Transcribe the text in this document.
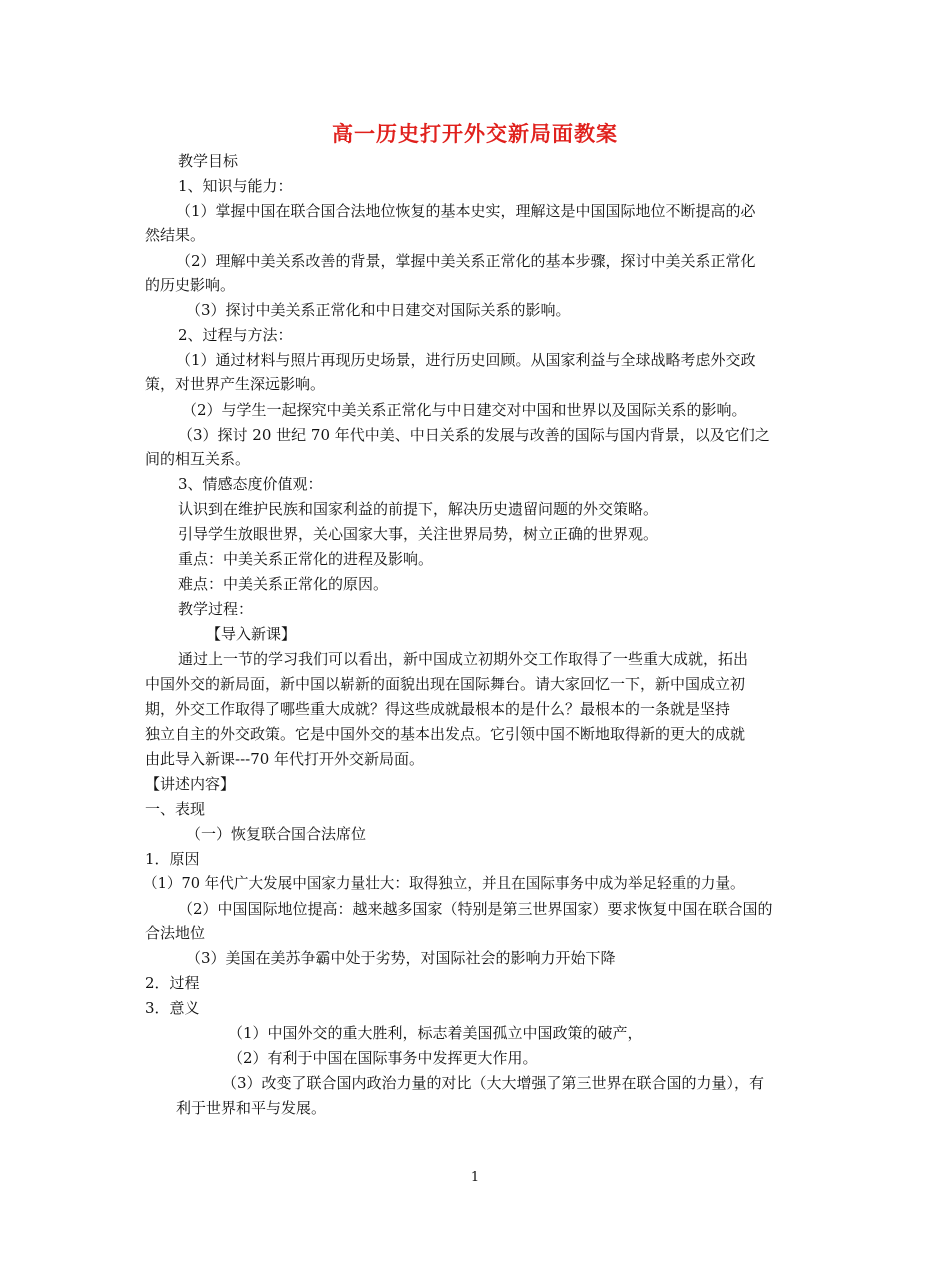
高一历史打开外交新局面教案
教学目标
1、知识与能力：
（1）掌握中国在联合国合法地位恢复的基本史实，理解这是中国国际地位不断提高的必
然结果。
（2）理解中美关系改善的背景，掌握中美关系正常化的基本步骤，探讨中美关系正常化
的历史影响。
（3）探讨中美关系正常化和中日建交对国际关系的影响。
2、过程与方法：
（1）通过材料与照片再现历史场景，进行历史回顾。从国家利益与全球战略考虑外交政
策，对世界产生深远影响。
（2）与学生一起探究中美关系正常化与中日建交对中国和世界以及国际关系的影响。
（3）探讨 20 世纪 70 年代中美、中日关系的发展与改善的国际与国内背景，以及它们之
间的相互关系。
3、情感态度价值观：
认识到在维护民族和国家利益的前提下，解决历史遗留问题的外交策略。
引导学生放眼世界，关心国家大事，关注世界局势，树立正确的世界观。
重点：中美关系正常化的进程及影响。
难点：中美关系正常化的原因。
教学过程：
【导入新课】
通过上一节的学习我们可以看出，新中国成立初期外交工作取得了一些重大成就，拓出
中国外交的新局面，新中国以崭新的面貌出现在国际舞台。请大家回忆一下，新中国成立初
期，外交工作取得了哪些重大成就？得这些成就最根本的是什么？最根本的一条就是坚持
独立自主的外交政策。它是中国外交的基本出发点。它引领中国不断地取得新的更大的成就
由此导入新课---70 年代打开外交新局面。
【讲述内容】
一、表现
（一）恢复联合国合法席位
1．原因
（1）70 年代广大发展中国家力量壮大：取得独立，并且在国际事务中成为举足轻重的力量。
（2）中国国际地位提高：越来越多国家（特别是第三世界国家）要求恢复中国在联合国的
合法地位
（3）美国在美苏争霸中处于劣势，对国际社会的影响力开始下降
2．过程
3．意义
（1）中国外交的重大胜利，标志着美国孤立中国政策的破产，
（2）有利于中国在国际事务中发挥更大作用。
（3）改变了联合国内政治力量的对比（大大增强了第三世界在联合国的力量），有
利于世界和平与发展。
1
